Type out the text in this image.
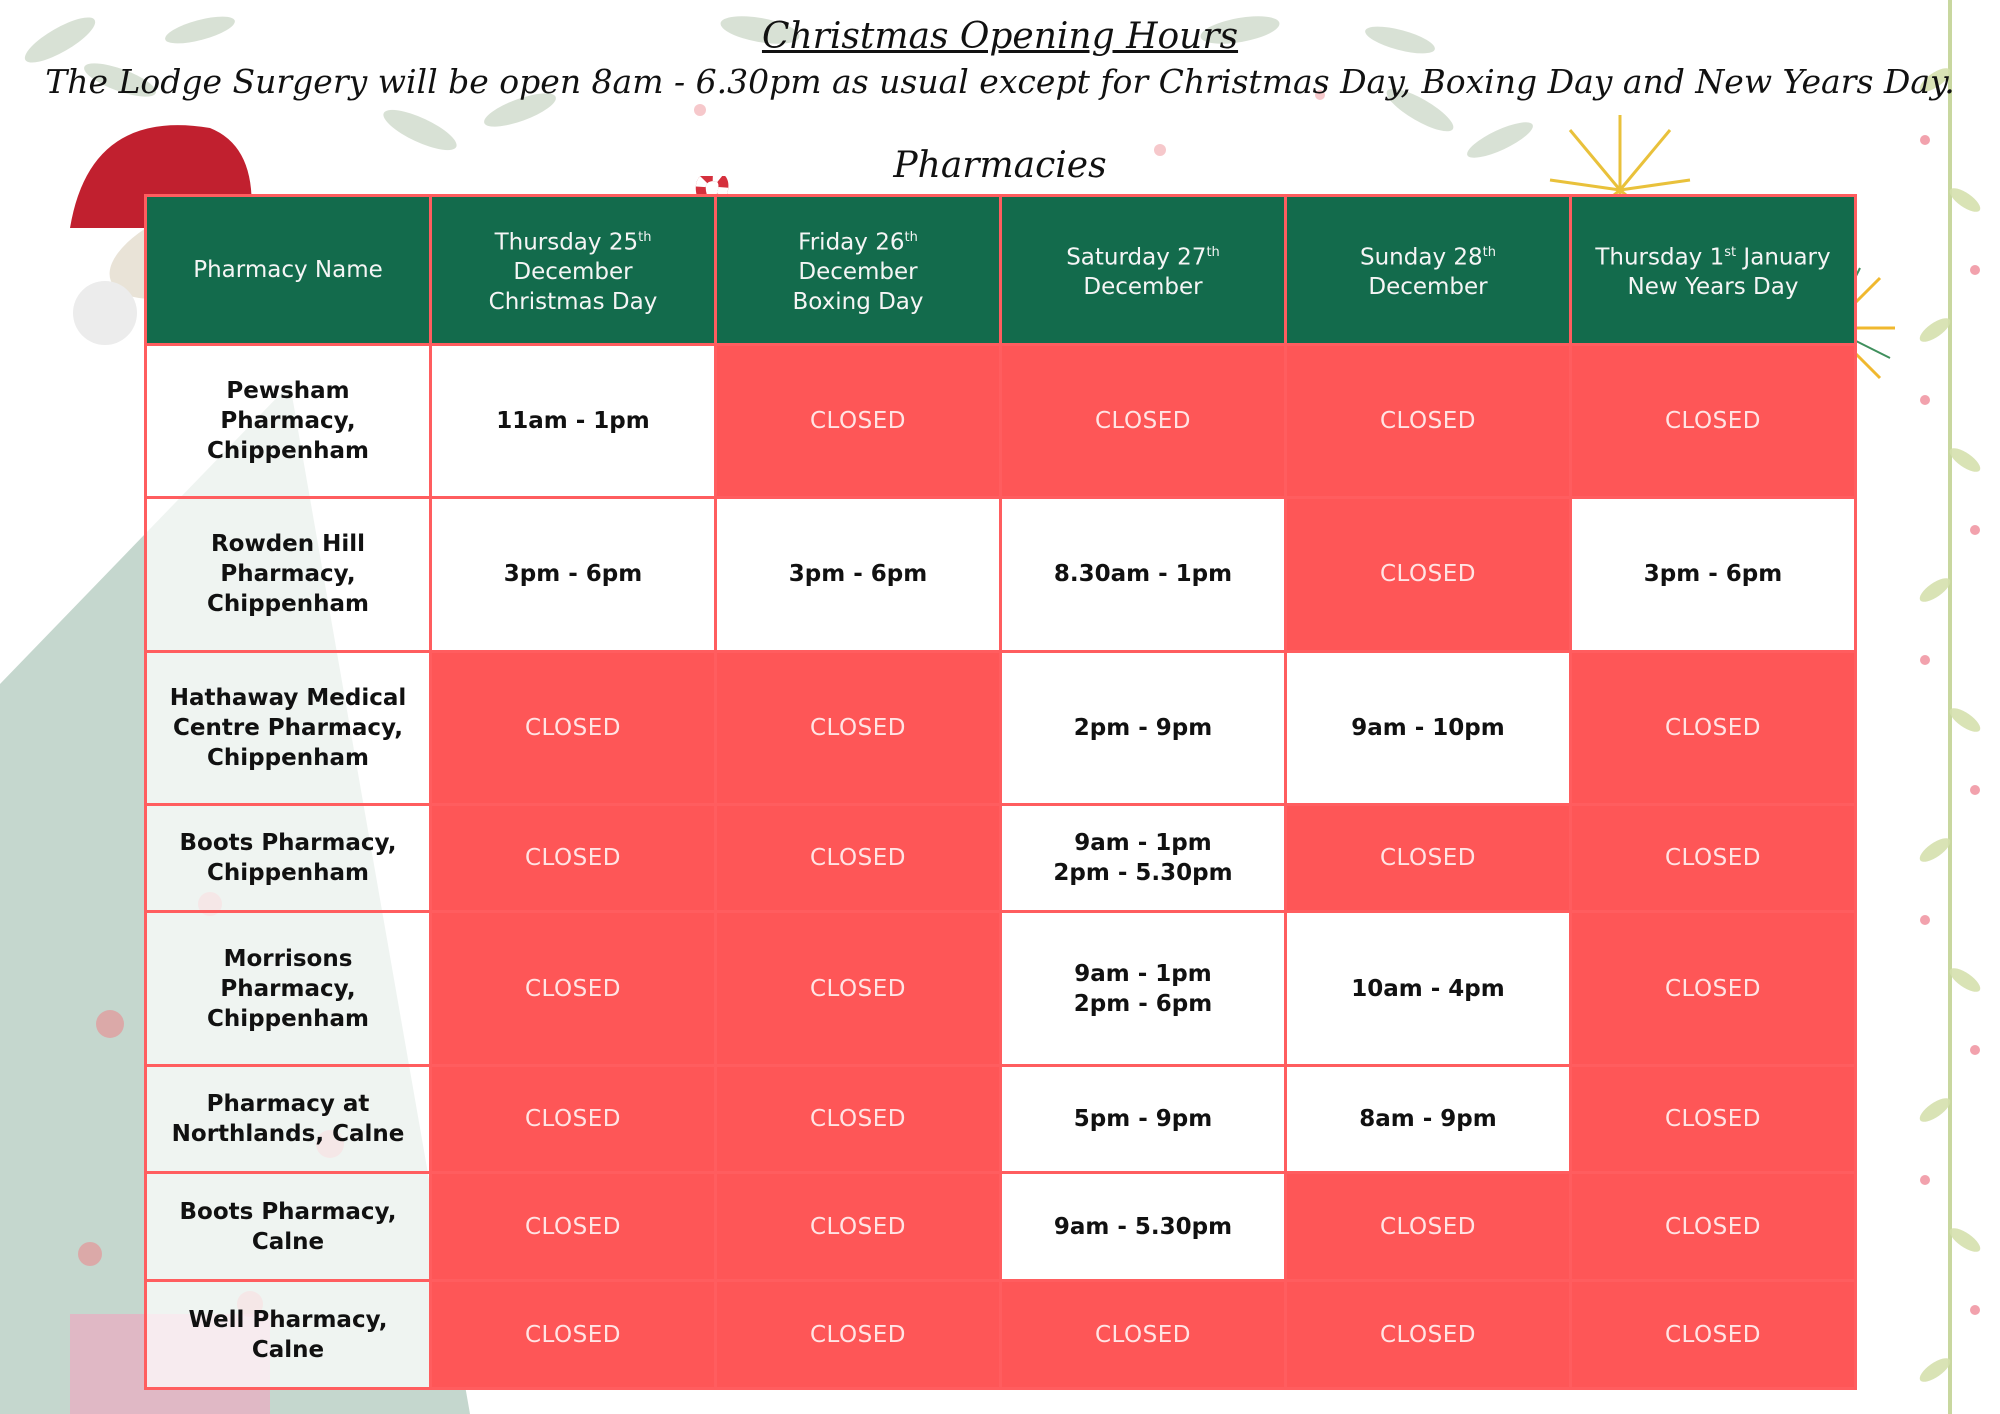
Christmas Opening Hours
The Lodge Surgery will be open 8am - 6.30pm as usual except for Christmas Day, Boxing Day and New Years Day.
Pharmacies
Pharmacy Name	Thursday 25th
December
Christmas Day	Friday 26th
December
Boxing Day	Saturday 27th
December	Sunday 28th
December	Thursday 1st January
New Years Day
Pewsham Pharmacy,
Chippenham	11am - 1pm	CLOSED	CLOSED	CLOSED	CLOSED
Rowden Hill
Pharmacy,
Chippenham	3pm - 6pm	3pm - 6pm	8.30am - 1pm	CLOSED	3pm - 6pm
Hathaway Medical
Centre Pharmacy,
Chippenham	CLOSED	CLOSED	2pm - 9pm	9am - 10pm	CLOSED
Boots Pharmacy,
Chippenham	CLOSED	CLOSED	9am - 1pm
2pm - 5.30pm	CLOSED	CLOSED
Morrisons Pharmacy,
Chippenham	CLOSED	CLOSED	9am - 1pm
2pm - 6pm	10am - 4pm	CLOSED
Pharmacy at
Northlands, Calne	CLOSED	CLOSED	5pm - 9pm	8am - 9pm	CLOSED
Boots Pharmacy,
Calne	CLOSED	CLOSED	9am - 5.30pm	CLOSED	CLOSED
Well Pharmacy, Calne	CLOSED	CLOSED	CLOSED	CLOSED	CLOSED
